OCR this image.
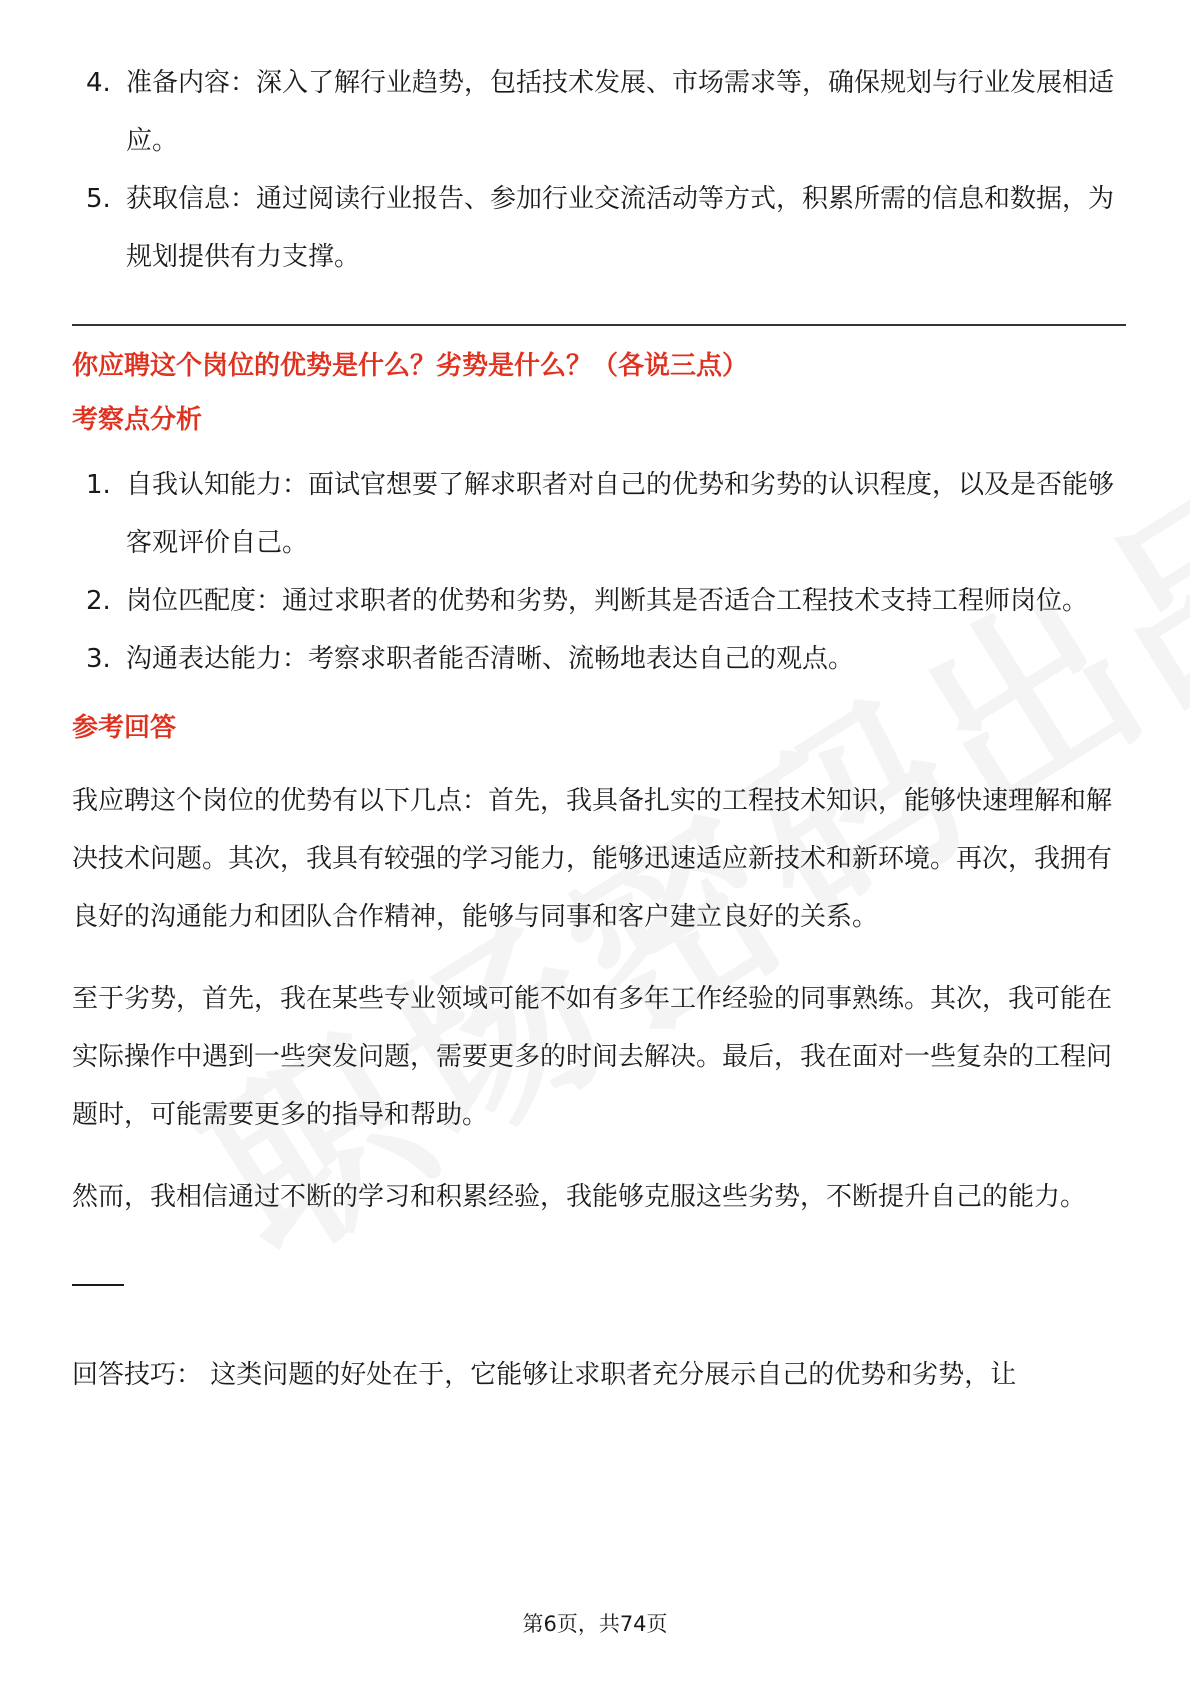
4. 准备内容：深入了解行业趋势，包括技术发展、市场需求等，确保规划与行业发展相适应。
5. 获取信息：通过阅读行业报告、参加行业交流活动等方式，积累所需的信息和数据，为规划提供有力支撑。
你应聘这个岗位的优势是什么？劣势是什么？（各说三点）
考察点分析
1. 自我认知能力：面试官想要了解求职者对自己的优势和劣势的认识程度，以及是否能够客观评价自己。
2. 岗位匹配度：通过求职者的优势和劣势，判断其是否适合工程技术支持工程师岗位。
3. 沟通表达能力：考察求职者能否清晰、流畅地表达自己的观点。
参考回答

我应聘这个岗位的优势有以下几点：首先，我具备扎实的工程技术知识，能够快速理解和解决技术问题。其次，我具有较强的学习能力，能够迅速适应新技术和新环境。再次，我拥有良好的沟通能力和团队合作精神，能够与同事和客户建立良好的关系。

至于劣势，首先，我在某些专业领域可能不如有多年工作经验的同事熟练。其次，我可能在实际操作中遇到一些突发问题，需要更多的时间去解决。最后，我在面对一些复杂的工程问题时，可能需要更多的指导和帮助。

然而，我相信通过不断的学习和积累经验，我能够克服这些劣势，不断提升自己的能力。

回答技巧： 这类问题的好处在于，它能够让求职者充分展示自己的优势和劣势，让

第6页，共74页
